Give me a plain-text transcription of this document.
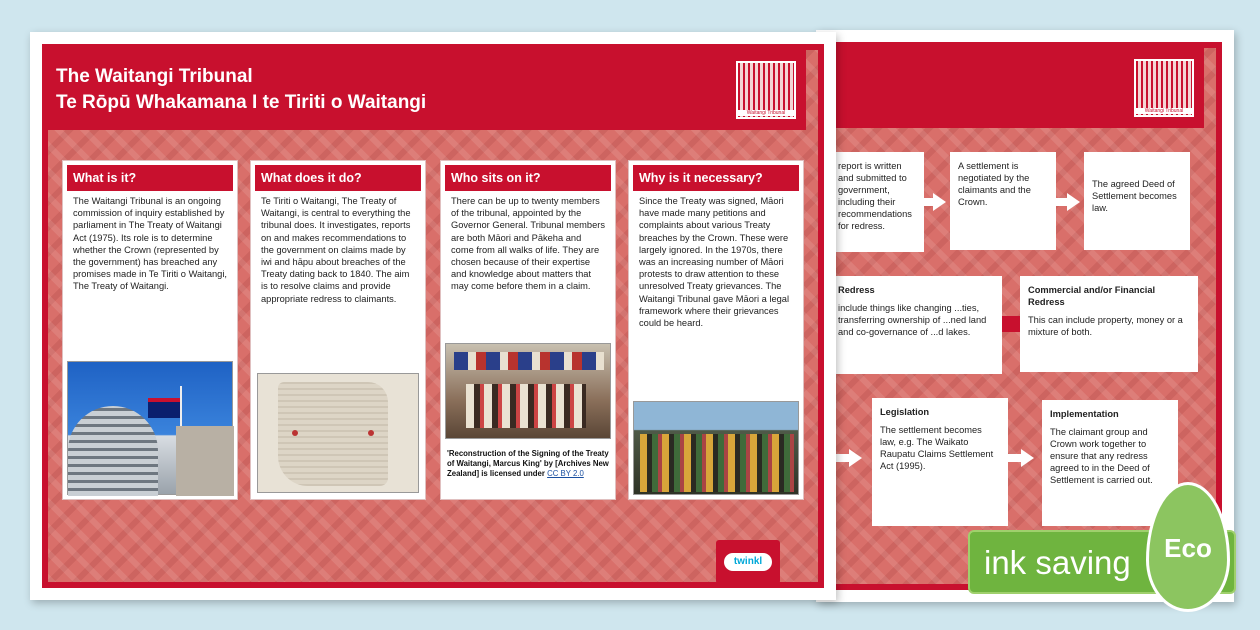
Waitangi Tribunal
report is written and submitted to government, including their recommendations for redress.
A settlement is negotiated by the claimants and the Crown.
The agreed Deed of Settlement becomes law.
Redress
include things like changing ...ties, transferring ownership of ...ned land and co-governance of ...d lakes.
Commercial and/or Financial Redress
This can include property, money or a mixture of both.
Legislation
The settlement becomes law, e.g. The Waikato Raupatu Claims Settlement Act (1995).
Implementation
The claimant group and Crown work together to ensure that any redress agreed to in the Deed of Settlement is carried out.
The Waitangi Tribunal
Te Rōpū Whakamana I te Tiriti o Waitangi	Waitangi Tribunal
What is it?
The Waitangi Tribunal is an ongoing commission of inquiry established by parliament in The Treaty of Waitangi Act (1975). Its role is to determine whether the Crown (represented by the government) has breached any promises made in Te Tiriti o Waitangi, The Treaty of Waitangi.
What does it do?
Te Tiriti o Waitangi, The Treaty of Waitangi, is central to everything the tribunal does. It investigates, reports on and makes recommendations to the government on claims made by iwi and hāpu about breaches of the Treaty dating back to 1840. The aim is to resolve claims and provide appropriate redress to claimants.
Who sits on it?
There can be up to twenty members of the tribunal, appointed by the Governor General. Tribunal members are both Māori and Pākeha and come from all walks of life. They are chosen because of their expertise and knowledge about matters that may come before them in a claim.
'Reconstruction of the Signing of the Treaty of Waitangi, Marcus King' by [Archives New Zealand] is licensed under CC BY 2.0
Why is it necessary?
Since the Treaty was signed, Māori have made many petitions and complaints about various Treaty breaches by the Crown. These were largely ignored. In the 1970s, there was an increasing number of Māori protests to draw attention to these unresolved Treaty grievances. The Waitangi Tribunal gave Māori a legal framework where their grievances could be heard.
twinkl	ink saving	Eco
